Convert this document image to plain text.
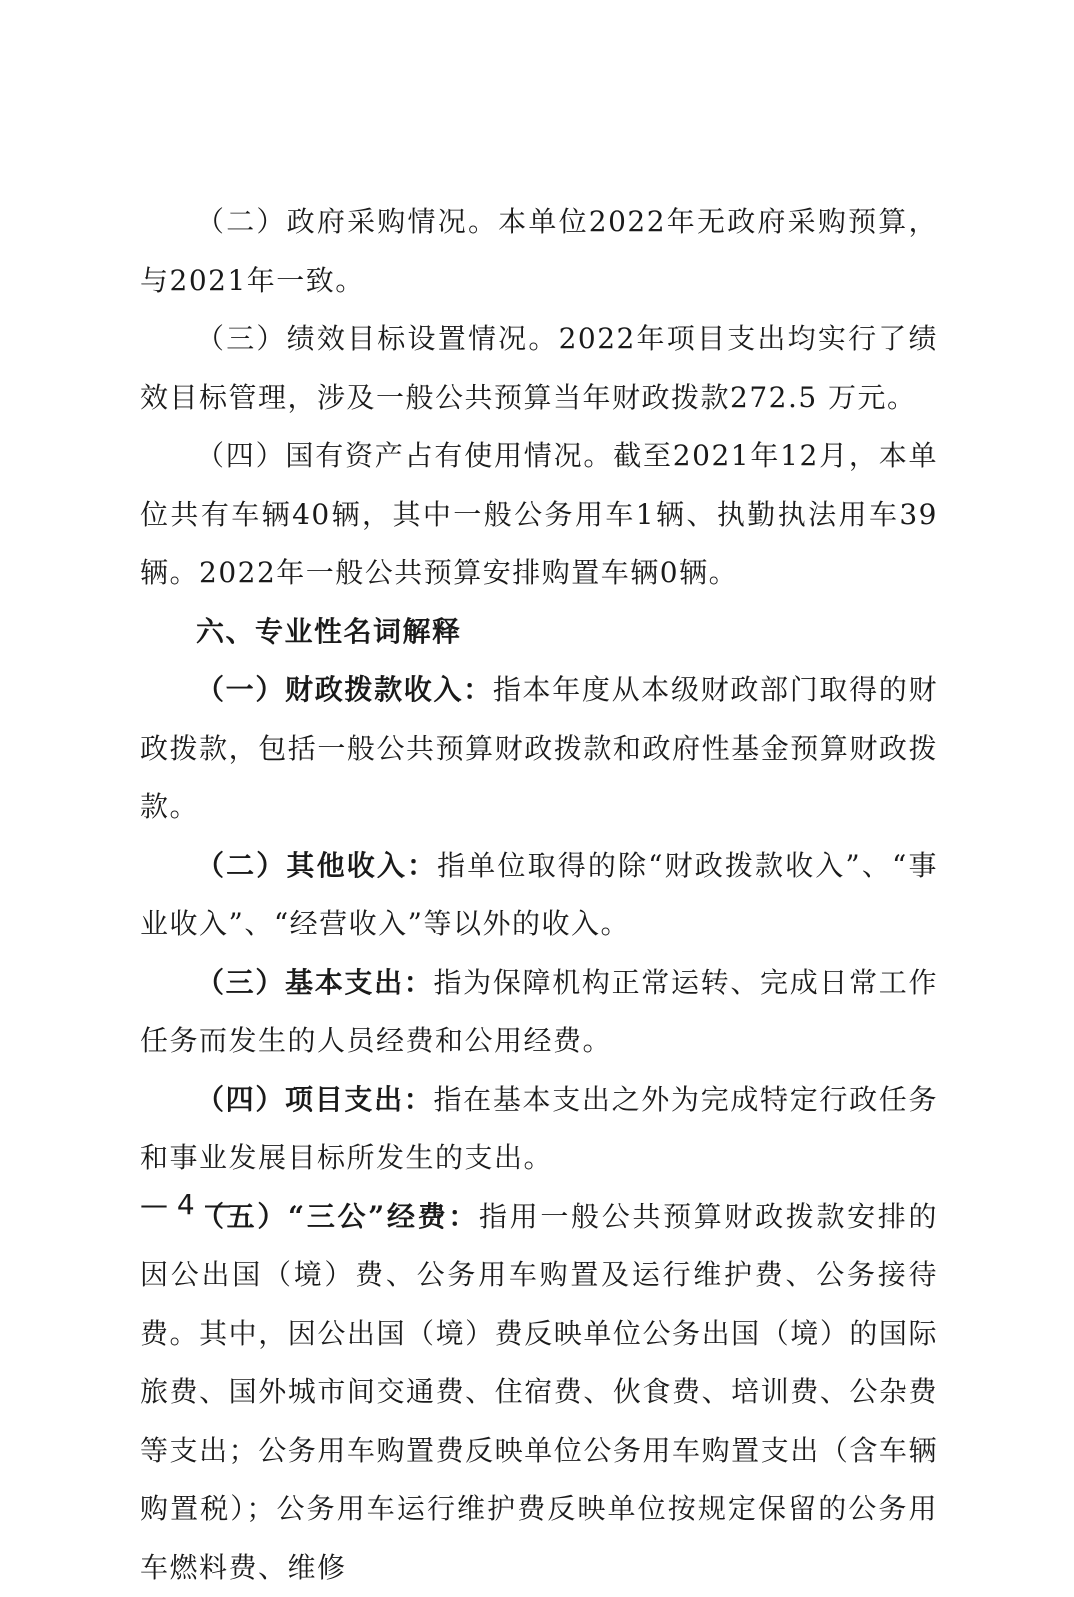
（二）政府采购情况。本单位2022年无政府采购预算，与2021年一致。

（三）绩效目标设置情况。2022年项目支出均实行了绩效目标管理，涉及一般公共预算当年财政拨款272.5 万元。

（四）国有资产占有使用情况。截至2021年12月，本单位共有车辆40辆，其中一般公务用车1辆、执勤执法用车39辆。2022年一般公共预算安排购置车辆0辆。

六、专业性名词解释

（一）财政拨款收入：指本年度从本级财政部门取得的财政拨款，包括一般公共预算财政拨款和政府性基金预算财政拨款。

（二）其他收入：指单位取得的除“财政拨款收入”、“事业收入”、“经营收入”等以外的收入。

（三）基本支出：指为保障机构正常运转、完成日常工作任务而发生的人员经费和公用经费。

（四）项目支出：指在基本支出之外为完成特定行政任务和事业发展目标所发生的支出。

（五）“三公”经费：指用一般公共预算财政拨款安排的因公出国（境）费、公务用车购置及运行维护费、公务接待费。其中，因公出国（境）费反映单位公务出国（境）的国际旅费、国外城市间交通费、住宿费、伙食费、培训费、公杂费等支出；公务用车购置费反映单位公务用车购置支出（含车辆购置税）；公务用车运行维护费反映单位按规定保留的公务用车燃料费、维修

— 4 —
